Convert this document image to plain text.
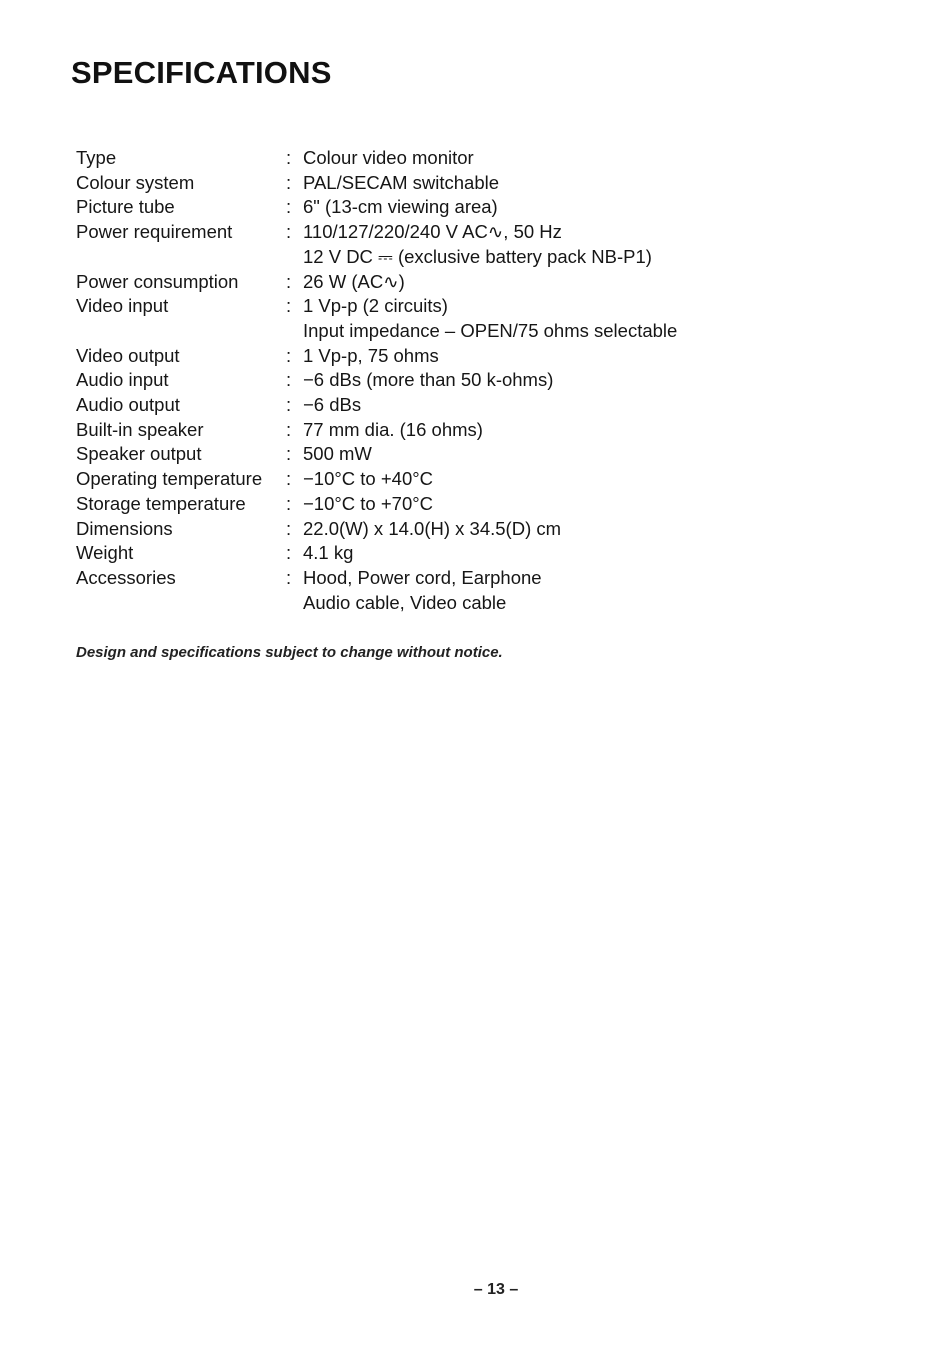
SPECIFICATIONS
Type	: Colour video monitor
Colour system	: PAL/SECAM switchable
Picture tube	: 6" (13-cm viewing area)
Power requirement	: 110/127/220/240 V AC∿, 50 Hz
12 V DC ⎓ (exclusive battery pack NB-P1)
Power consumption	: 26 W (AC∿)
Video input	: 1 Vp-p (2 circuits)
Input impedance – OPEN/75 ohms selectable
Video output	: 1 Vp-p, 75 ohms
Audio input	: −6 dBs (more than 50 k-ohms)
Audio output	: −6 dBs
Built-in speaker	: 77 mm dia. (16 ohms)
Speaker output	: 500 mW
Operating temperature	: −10°C to +40°C
Storage temperature	: −10°C to +70°C
Dimensions	: 22.0(W) x 14.0(H) x 34.5(D) cm
Weight	: 4.1 kg
Accessories	: Hood, Power cord, Earphone
Audio cable, Video cable

Design and specifications subject to change without notice.

– 13 –
